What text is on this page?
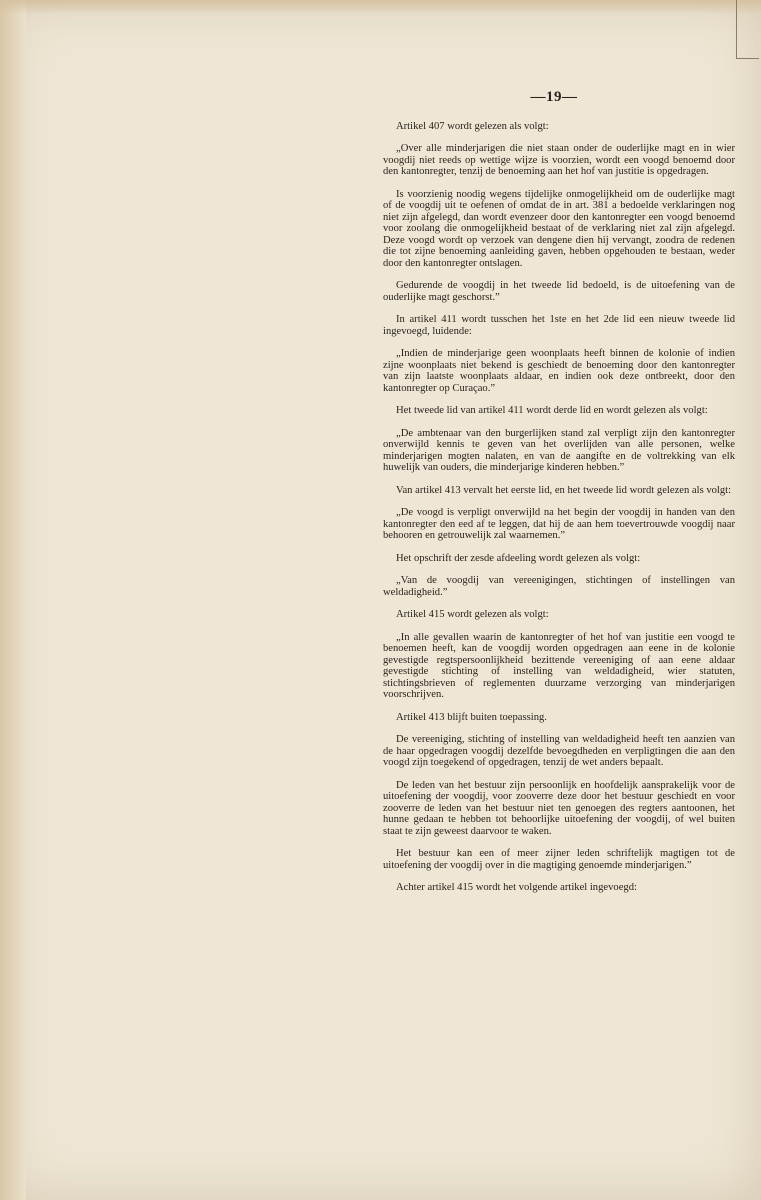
—19—

Artikel 407 wordt gelezen als volgt:

„Over alle minderjarigen die niet staan onder de ouderlijke magt en in wier voogdij niet reeds op wettige wijze is voorzien, wordt een voogd benoemd door den kantonregter, tenzij de benoeming aan het hof van justitie is opgedragen.

Is voorzienig noodig wegens tijdelijke onmogelijkheid om de ouderlijke magt of de voogdij uit te oefenen of omdat de in art. 381 a bedoelde verklaringen nog niet zijn afgelegd, dan wordt evenzeer door den kantonregter een voogd benoemd voor zoolang die onmogelijkheid bestaat of de verklaring niet zal zijn afgelegd. Deze voogd wordt op verzoek van dengene dien hij vervangt, zoodra de redenen die tot zijne benoeming aanleiding gaven, hebben opgehouden te bestaan, weder door den kantonregter ontslagen.

Gedurende de voogdij in het tweede lid bedoeld, is de uitoefening van de ouderlijke magt geschorst.”

In artikel 411 wordt tusschen het 1ste en het 2de lid een nieuw tweede lid ingevoegd, luidende:

„Indien de minderjarige geen woonplaats heeft binnen de kolonie of indien zijne woonplaats niet bekend is geschiedt de benoeming door den kantonregter van zijn laatste woonplaats aldaar, en indien ook deze ontbreekt, door den kantonregter op Curaçao.”

Het tweede lid van artikel 411 wordt derde lid en wordt gelezen als volgt:

„De ambtenaar van den burgerlijken stand zal verpligt zijn den kantonregter onverwijld kennis te geven van het overlijden van alle personen, welke minderjarigen mogten nalaten, en van de aangifte en de voltrekking van elk huwelijk van ouders, die minderjarige kinderen hebben.”

Van artikel 413 vervalt het eerste lid, en het tweede lid wordt gelezen als volgt:

„De voogd is verpligt onverwijld na het begin der voogdij in handen van den kantonregter den eed af te leggen, dat hij de aan hem toevertrouwde voogdij naar behooren en getrouwelijk zal waarnemen.”

Het opschrift der zesde afdeeling wordt gelezen als volgt:

„Van de voogdij van vereenigingen, stichtingen of instellingen van weldadigheid.”

Artikel 415 wordt gelezen als volgt:

„In alle gevallen waarin de kantonregter of het hof van justitie een voogd te benoemen heeft, kan de voogdij worden opgedragen aan eene in de kolonie gevestigde regtspersoonlijkheid bezittende vereeniging of aan eene aldaar gevestigde stichting of instelling van weldadigheid, wier statuten, stichtingsbrieven of reglementen duurzame verzorging van minderjarigen voorschrijven.

Artikel 413 blijft buiten toepassing.

De vereeniging, stichting of instelling van weldadigheid heeft ten aanzien van de haar opgedragen voogdij dezelfde bevoegdheden en verpligtingen die aan den voogd zijn toegekend of opgedragen, tenzij de wet anders bepaalt.

De leden van het bestuur zijn persoonlijk en hoofdelijk aansprakelijk voor de uitoefening der voogdij, voor zooverre deze door het bestuur geschiedt en voor zooverre de leden van het bestuur niet ten genoegen des regters aantoonen, het hunne gedaan te hebben tot behoorlijke uitoefening der voogdij, of wel buiten staat te zijn geweest daarvoor te waken.

Het bestuur kan een of meer zijner leden schriftelijk magtigen tot de uitoefening der voogdij over in die magtiging genoemde minderjarigen.”

Achter artikel 415 wordt het volgende artikel ingevoegd:
